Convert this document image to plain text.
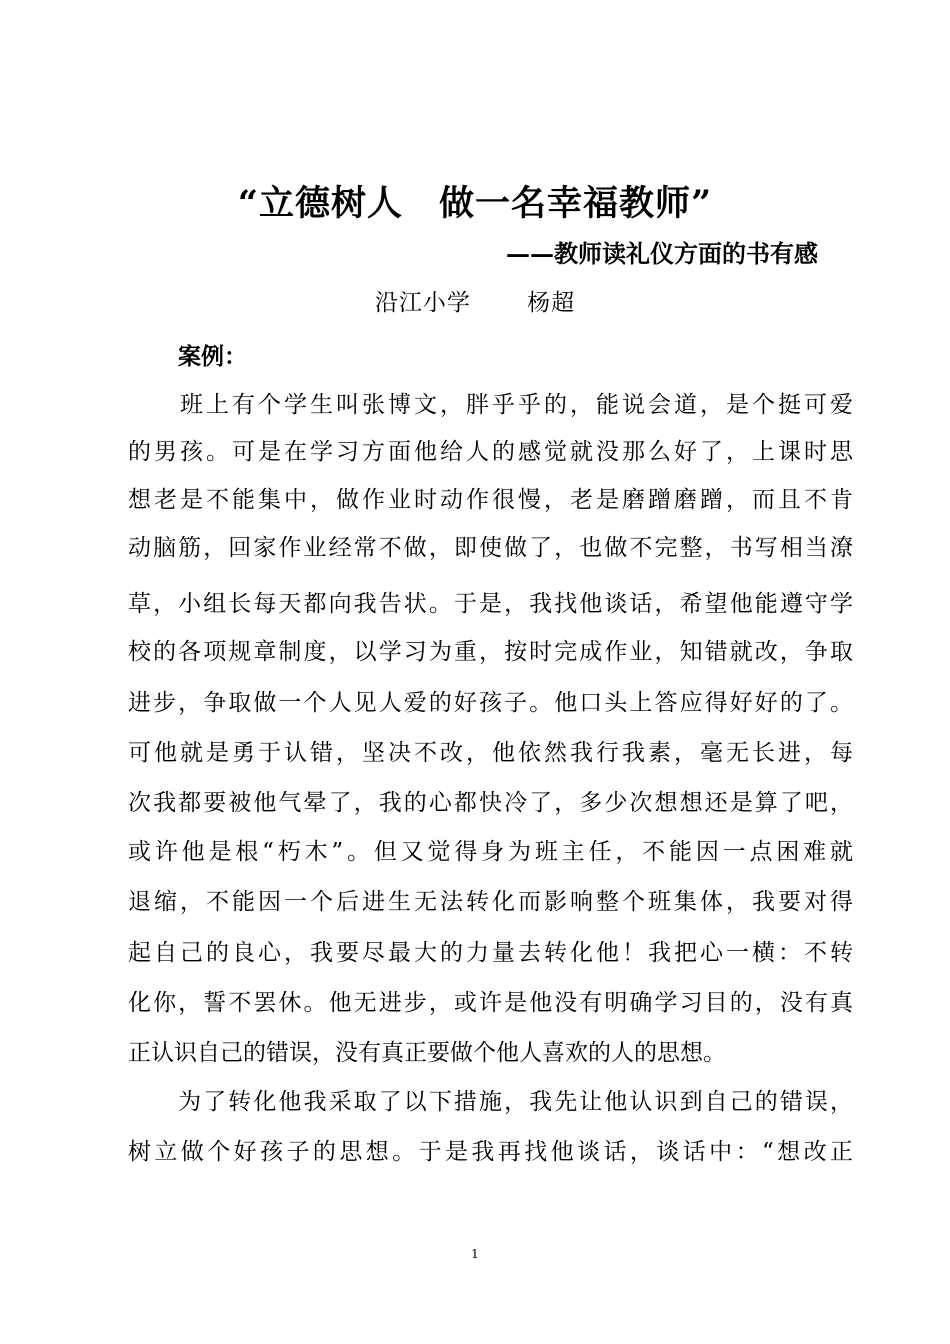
“立德树人　做一名幸福教师”
——教师读礼仪方面的书有感
沿江小学　　 杨超
案例：
　　班上有个学生叫张博文，胖乎乎的，能说会道，是个挺可爱
的男孩。可是在学习方面他给人的感觉就没那么好了，上课时思
想老是不能集中，做作业时动作很慢，老是磨蹭磨蹭，而且不肯
动脑筋，回家作业经常不做，即使做了，也做不完整，书写相当潦
草，小组长每天都向我告状。于是，我找他谈话，希望他能遵守学
校的各项规章制度，以学习为重，按时完成作业，知错就改，争取
进步，争取做一个人见人爱的好孩子。他口头上答应得好好的了。
可他就是勇于认错，坚决不改，他依然我行我素，毫无长进，每
次我都要被他气晕了，我的心都快冷了，多少次想想还是算了吧，
或许他是根“朽木”。但又觉得身为班主任，不能因一点困难就
退缩，不能因一个后进生无法转化而影响整个班集体，我要对得
起自己的良心，我要尽最大的力量去转化他！我把心一横：不转
化你，誓不罢休。他无进步，或许是他没有明确学习目的，没有真
正认识自己的错误，没有真正要做个他人喜欢的人的思想。
　　为了转化他我采取了以下措施，我先让他认识到自己的错误，
树立做个好孩子的思想。于是我再找他谈话，谈话中：“想改正
1
